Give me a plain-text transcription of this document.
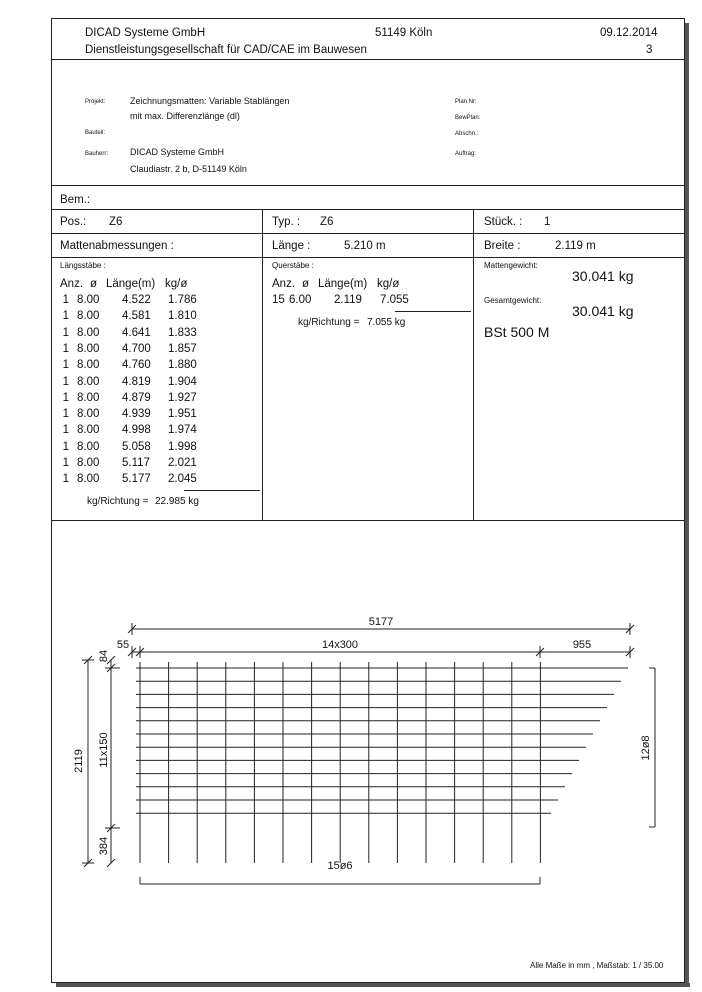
DICAD Systeme GmbH	51149 Köln	09.12.2014
Dienstleistungsgesellschaft für CAD/CAE im Bauwesen	3
Projekt:	Zeichnungsmatten: Variable Stablängen
mit max. Differenzlänge (dl)
Bauteil:
Bauherr: DICAD Systeme GmbH
Claudiastr. 2 b, D-51149 Köln
Plan Nr:
BewPlan:
Abschn.:
Auftrag:
Bem.:
Pos.: Z6	Typ. : Z6	Stück. : 1
Mattenabmessungen :	Länge :	5.210 m	Breite :	2.119 m
Längsstäbe :
Anz. ø Länge(m) kg/ø
1 8.00	4.522	1.786
1 8.00	4.581	1.810
1 8.00	4.641	1.833
1 8.00	4.700	1.857
1 8.00	4.760	1.880
1 8.00	4.819	1.904
1 8.00	4.879	1.927
1 8.00	4.939	1.951
1 8.00	4.998	1.974
1 8.00	5.058	1.998
1 8.00	5.117	2.021
1 8.00	5.177	2.045
kg/Richtung = 22.985 kg
Querstäbe :
Anz. ø Länge(m) kg/ø
15 6.00	2.119	7.055
kg/Richtung = 7.055 kg
Mattengewicht:
30.041 kg
Gesamtgewicht:
30.041 kg
BSt 500 M
5177
55	14x300	955
2119
84
11x150
384
12ø8
15ø6
Alle Maße in mm , Maßstab: 1 / 35.00
